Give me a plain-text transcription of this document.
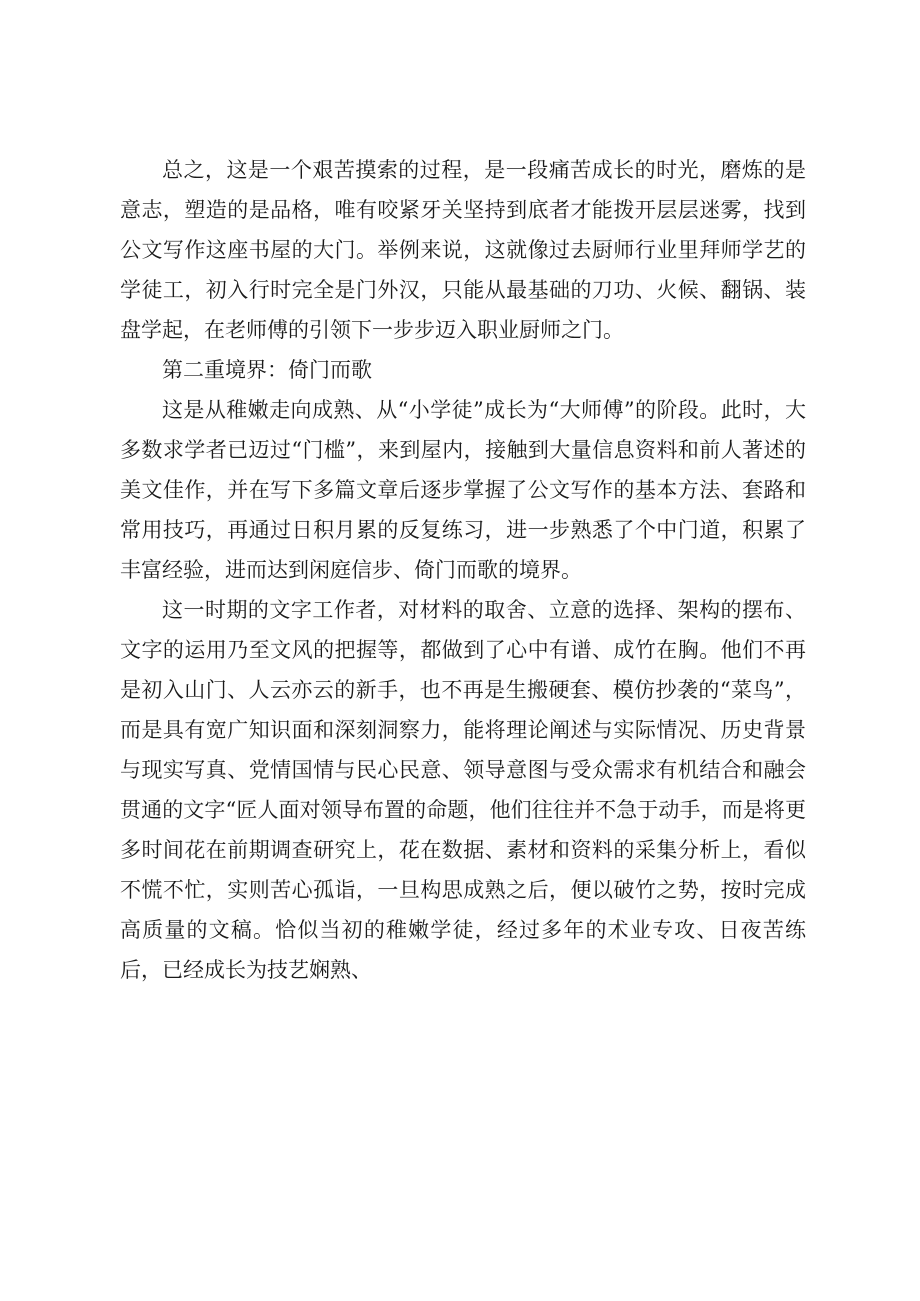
总之，这是一个艰苦摸索的过程，是一段痛苦成长的时光，磨炼的是意志，塑造的是品格，唯有咬紧牙关坚持到底者才能拨开层层迷雾，找到公文写作这座书屋的大门。举例来说，这就像过去厨师行业里拜师学艺的学徒工，初入行时完全是门外汉，只能从最基础的刀功、火候、翻锅、装盘学起，在老师傅的引领下一步步迈入职业厨师之门。

第二重境界：倚门而歌

这是从稚嫩走向成熟、从“小学徒”成长为“大师傅”的阶段。此时，大多数求学者已迈过“门槛”，来到屋内，接触到大量信息资料和前人著述的美文佳作，并在写下多篇文章后逐步掌握了公文写作的基本方法、套路和常用技巧，再通过日积月累的反复练习，进一步熟悉了个中门道，积累了丰富经验，进而达到闲庭信步、倚门而歌的境界。

这一时期的文字工作者，对材料的取舍、立意的选择、架构的摆布、文字的运用乃至文风的把握等，都做到了心中有谱、成竹在胸。他们不再是初入山门、人云亦云的新手，也不再是生搬硬套、模仿抄袭的“菜鸟”，而是具有宽广知识面和深刻洞察力，能将理论阐述与实际情况、历史背景与现实写真、党情国情与民心民意、领导意图与受众需求有机结合和融会贯通的文字“匠人面对领导布置的命题，他们往往并不急于动手，而是将更多时间花在前期调查研究上，花在数据、素材和资料的采集分析上，看似不慌不忙，实则苦心孤诣，一旦构思成熟之后，便以破竹之势，按时完成高质量的文稿。恰似当初的稚嫩学徒，经过多年的术业专攻、日夜苦练后，已经成长为技艺娴熟、
